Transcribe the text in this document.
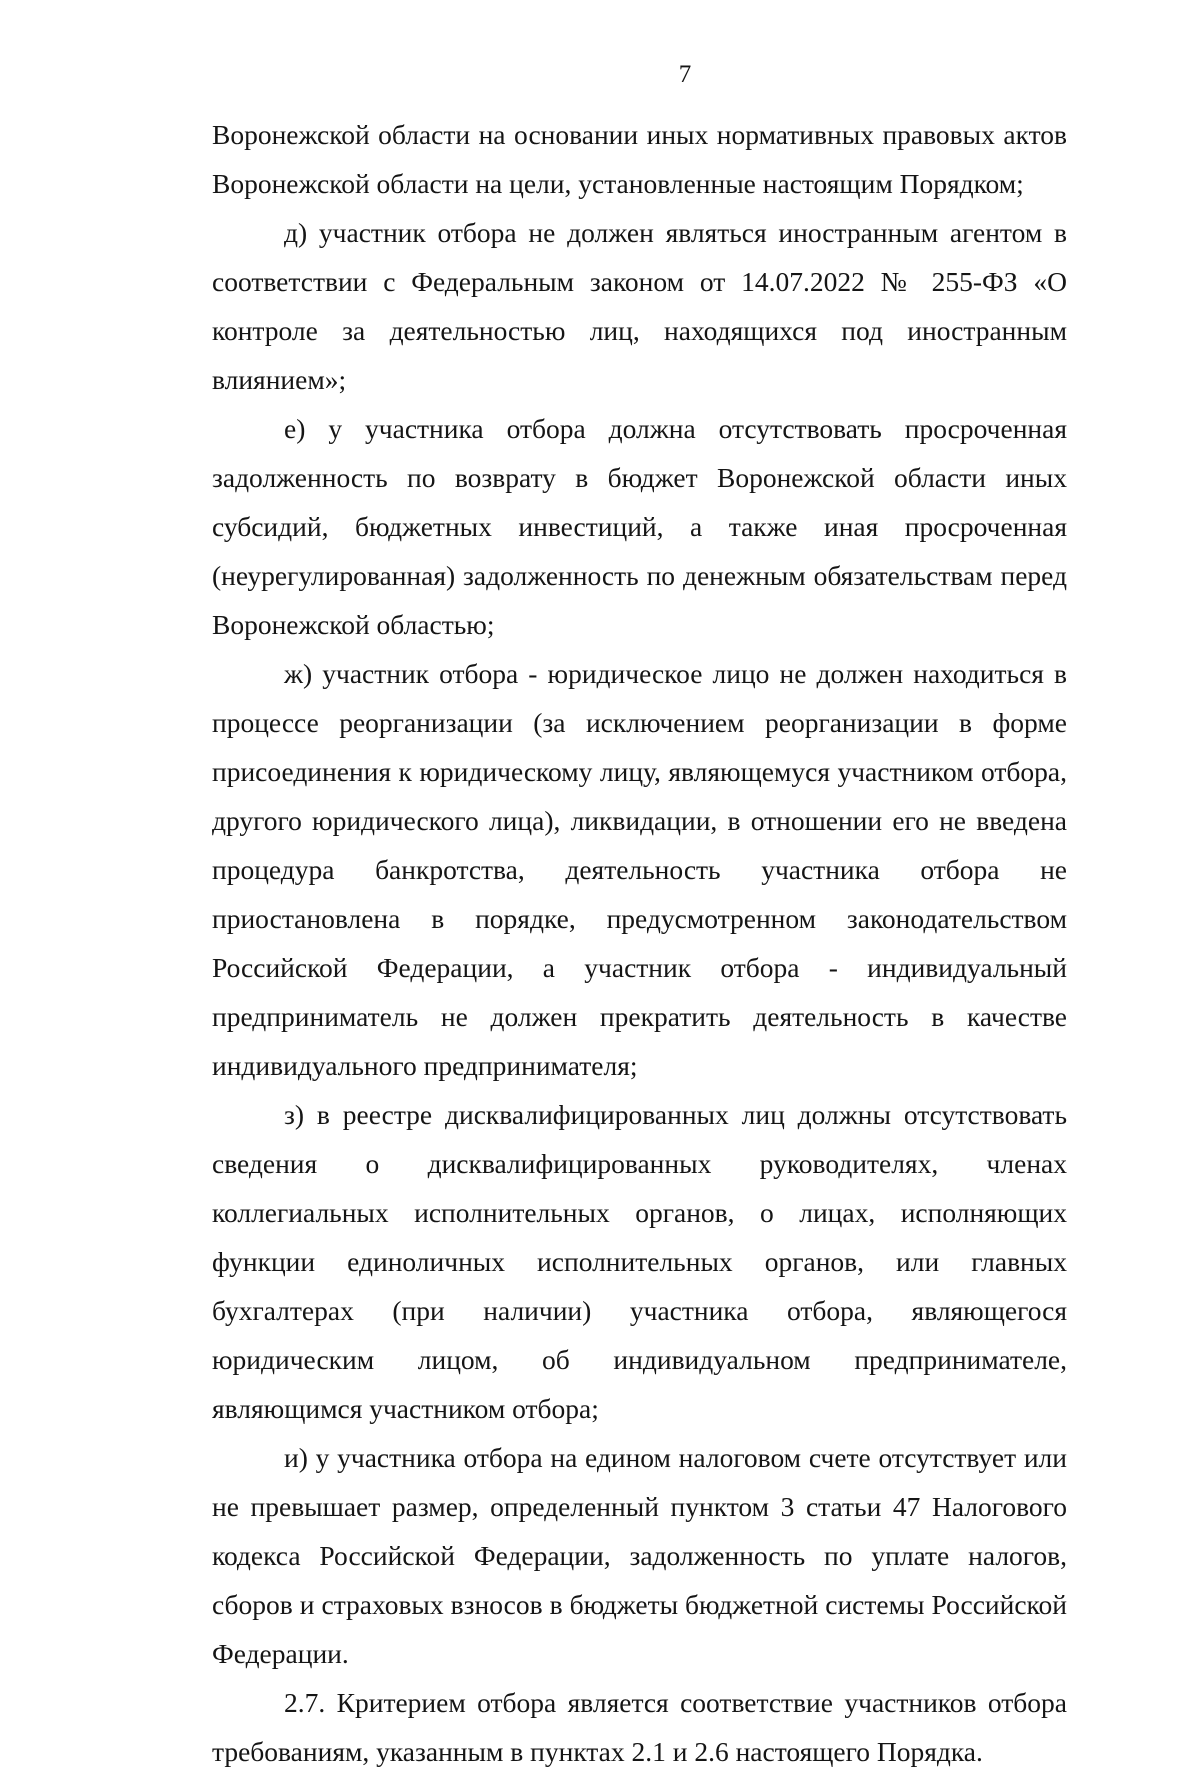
7

Воронежской области на основании иных нормативных правовых актов Воронежской области на цели, установленные настоящим Порядком;

д) участник отбора не должен являться иностранным агентом в соответствии с Федеральным законом от 14.07.2022 № 255-ФЗ «О контроле за деятельностью лиц, находящихся под иностранным влиянием»;

е) у участника отбора должна отсутствовать просроченная задолженность по возврату в бюджет Воронежской области иных субсидий, бюджетных инвестиций, а также иная просроченная (неурегулированная) задолженность по денежным обязательствам перед Воронежской областью;

ж) участник отбора - юридическое лицо не должен находиться в процессе реорганизации (за исключением реорганизации в форме присоединения к юридическому лицу, являющемуся участником отбора, другого юридического лица), ликвидации, в отношении его не введена процедура банкротства, деятельность участника отбора не приостановлена в порядке, предусмотренном законодательством Российской Федерации, а участник отбора - индивидуальный предприниматель не должен прекратить деятельность в качестве индивидуального предпринимателя;

з) в реестре дисквалифицированных лиц должны отсутствовать сведения о дисквалифицированных руководителях, членах коллегиальных исполнительных органов, о лицах, исполняющих функции единоличных исполнительных органов, или главных бухгалтерах (при наличии) участника отбора, являющегося юридическим лицом, об индивидуальном предпринимателе, являющимся участником отбора;

и) у участника отбора на едином налоговом счете отсутствует или не превышает размер, определенный пунктом 3 статьи 47 Налогового кодекса Российской Федерации, задолженность по уплате налогов, сборов и страховых взносов в бюджеты бюджетной системы Российской Федерации.

2.7. Критерием отбора является соответствие участников отбора требованиям, указанным в пунктах 2.1 и 2.6 настоящего Порядка.
